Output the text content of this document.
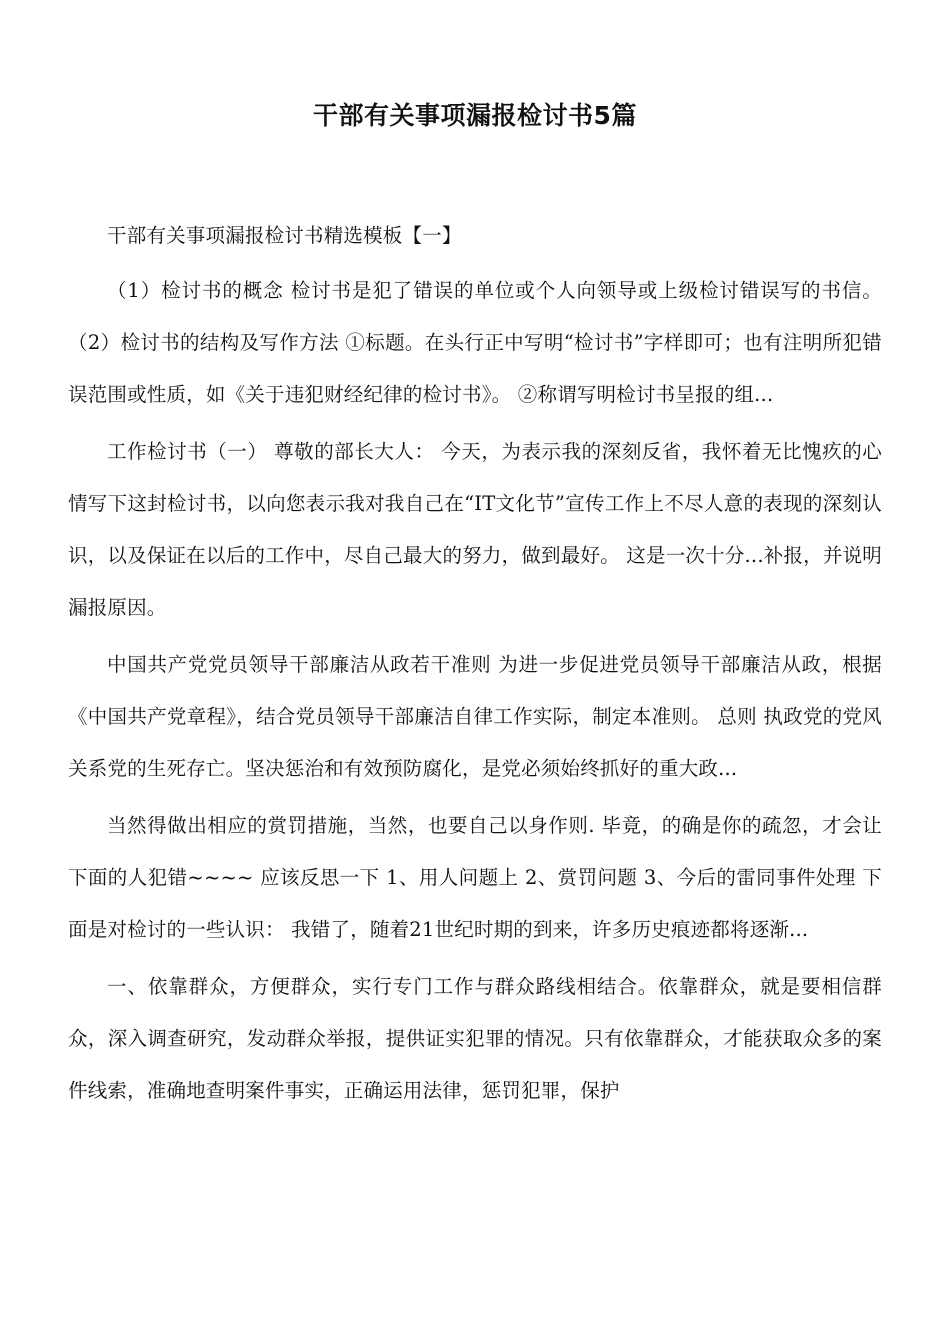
干部有关事项漏报检讨书5篇

干部有关事项漏报检讨书精选模板【一】

（1）检讨书的概念 检讨书是犯了错误的单位或个人向领导或上级检讨错误写的书信。 （2）检讨书的结构及写作方法 ①标题。在头行正中写明“检讨书”字样即可；也有注明所犯错误范围或性质，如《关于违犯财经纪律的检讨书》。 ②称谓写明检讨书呈报的组...

工作检讨书（一） 尊敬的部长大人： 今天，为表示我的深刻反省，我怀着无比愧疚的心情写下这封检讨书，以向您表示我对我自己在“IT文化节”宣传工作上不尽人意的表现的深刻认识，以及保证在以后的工作中，尽自己最大的努力，做到最好。 这是一次十分...补报，并说明漏报原因。

中国共产党党员领导干部廉洁从政若干准则 为进一步促进党员领导干部廉洁从政，根据《中国共产党章程》，结合党员领导干部廉洁自律工作实际，制定本准则。 总则 执政党的党风关系党的生死存亡。坚决惩治和有效预防腐化，是党必须始终抓好的重大政...

当然得做出相应的赏罚措施，当然，也要自己以身作则. 毕竟，的确是你的疏忽，才会让下面的人犯错~~~~ 应该反思一下 1、用人问题上 2、赏罚问题 3、今后的雷同事件处理 下面是对检讨的一些认识： 我错了，随着21世纪时期的到来，许多历史痕迹都将逐渐...

一、依靠群众，方便群众，实行专门工作与群众路线相结合。依靠群众，就是要相信群众，深入调查研究，发动群众举报，提供证实犯罪的情况。只有依靠群众，才能获取众多的案件线索，准确地查明案件事实，正确运用法律，惩罚犯罪，保护
